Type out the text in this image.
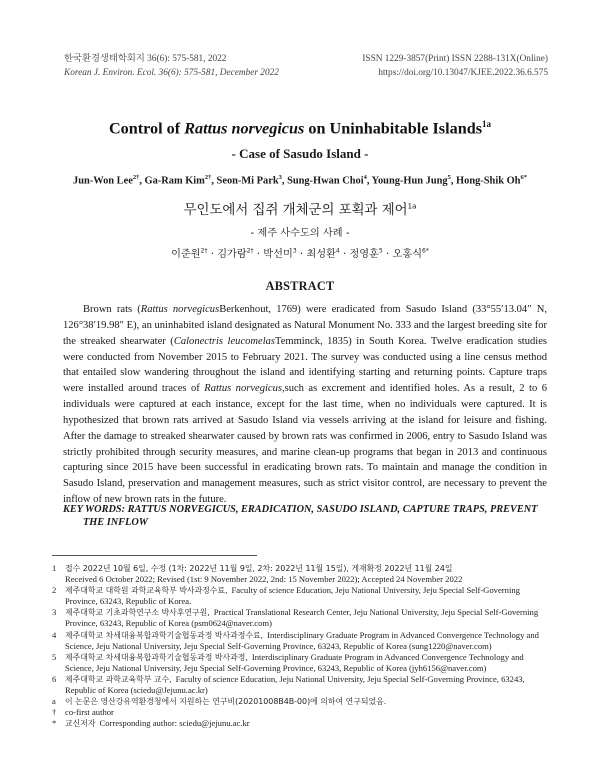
한국환경생태학회지 36(6): 575-581, 2022
Korean J. Environ. Ecol. 36(6): 575-581, December 2022
ISSN 1229-3857(Print) ISSN 2288-131X(Online)
https://doi.org/10.13047/KJEE.2022.36.6.575
Control of Rattus norvegicus on Uninhabitable Islands$^{1a}$
- Case of Sasudo Island -
Jun-Won Lee$^{2\dagger}$, Ga-Ram Kim$^{2\dagger}$, Seon-Mi Park$^3$, Sung-Hwan Choi$^4$, Young-Hun Jung$^5$, Hong-Shik $Oh^{6*}$
무인도에서 집쥐 개체군의 포획과 제어$^{1a}$
- 제주 사수도의 사례 -
이준원$^{2\dagger}$ · 김가람$^{2\dagger}$ · 박선미$^3$ · 최성환$^4$ · 정영훈$^5$ · 오홍식$^{6*}$
ABSTRACT
Brown rats (Rattus norvegicusBerkenhout, 1769) were eradicated from Sasudo Island (33°55′13.04″ N, 126°38′19.98″ E), an uninhabited island designated as Natural Monument No. 333 and the largest breeding site for the streaked shearwater (Calonectris leucomelasTemminck, 1835) in South Korea. Twelve eradication studies were conducted from November 2015 to February 2021. The survey was conducted using a line census method that entailed slow wandering throughout the island and identifying starting and returning points. Capture traps were installed around traces of Rattus norvegicus,such as excrement and identified holes. As a result, 2 to 6 individuals were captured at each instance, except for the last time, when no individuals were captured. It is hypothesized that brown rats arrived at Sasudo Island via vessels arriving at the island for leisure and fishing. After the damage to streaked shearwater caused by brown rats was confirmed in 2006, entry to Sasudo Island was strictly prohibited through security measures, and marine clean-up programs that began in 2013 and continuous capturing since 2015 have been successful in eradicating brown rats. To maintain and manage the condition in Sasudo Island, preservation and management measures, such as strict visitor control, are necessary to prevent the inflow of new brown rats in the future.
KEY WORDS: RATTUS NORVEGICUS, ERADICATION, SASUDO ISLAND, CAPTURE TRAPS, PREVENT
THE INFLOW
1 접수 2022년 10월 6일, 수정 (1차: 2022년 11월 9일, 2차: 2022년 11월 15일), 게재확정 2022년 11월 24일
Received 6 October 2022; Revised (1st: 9 November 2022, 2nd: 15 November 2022); Accepted 24 November 2022
2 제주대학교 대학원 과학교육학부 박사과정수료, Faculty of science Education, Jeju National University, Jeju Special Self-Governing Province, 63243, Republic of Korea.
3 제주대학교 기초과학연구소 박사후연구원, Practical Translational Research Center, Jeju National University, Jeju Special Self-Governing Province, 63243, Republic of Korea (psm0624@naver.com)
4 제주대학교 차세대융복합과학기술협동과정 박사과정수료, Interdisciplinary Graduate Program in Advanced Convergence Technology and Science, Jeju National University, Jeju Special Self-Governing Province, 63243, Republic of Korea (sung1220@naver.com)
5 제주대학교 차세대융복합과학기술협동과정 박사과정, Interdisciplinary Graduate Program in Advanced Convergence Technology and Science, Jeju National University, Jeju Special Self-Governing Province, 63243, Republic of Korea (jyh6156@naver.com)
6 제주대학교 과학교육학부 교수, Faculty of science Education, Jeju National University, Jeju Special Self-Governing Province, 63243, Republic of Korea (sciedu@Jejunu.ac.kr)
a 이 논문은 영산강유역환경청에서 지원하는 연구비(20201008B4B-00)에 의하여 연구되었음.
† co-first author
* 교신저자 Corresponding author: sciedu@jejunu.ac.kr
